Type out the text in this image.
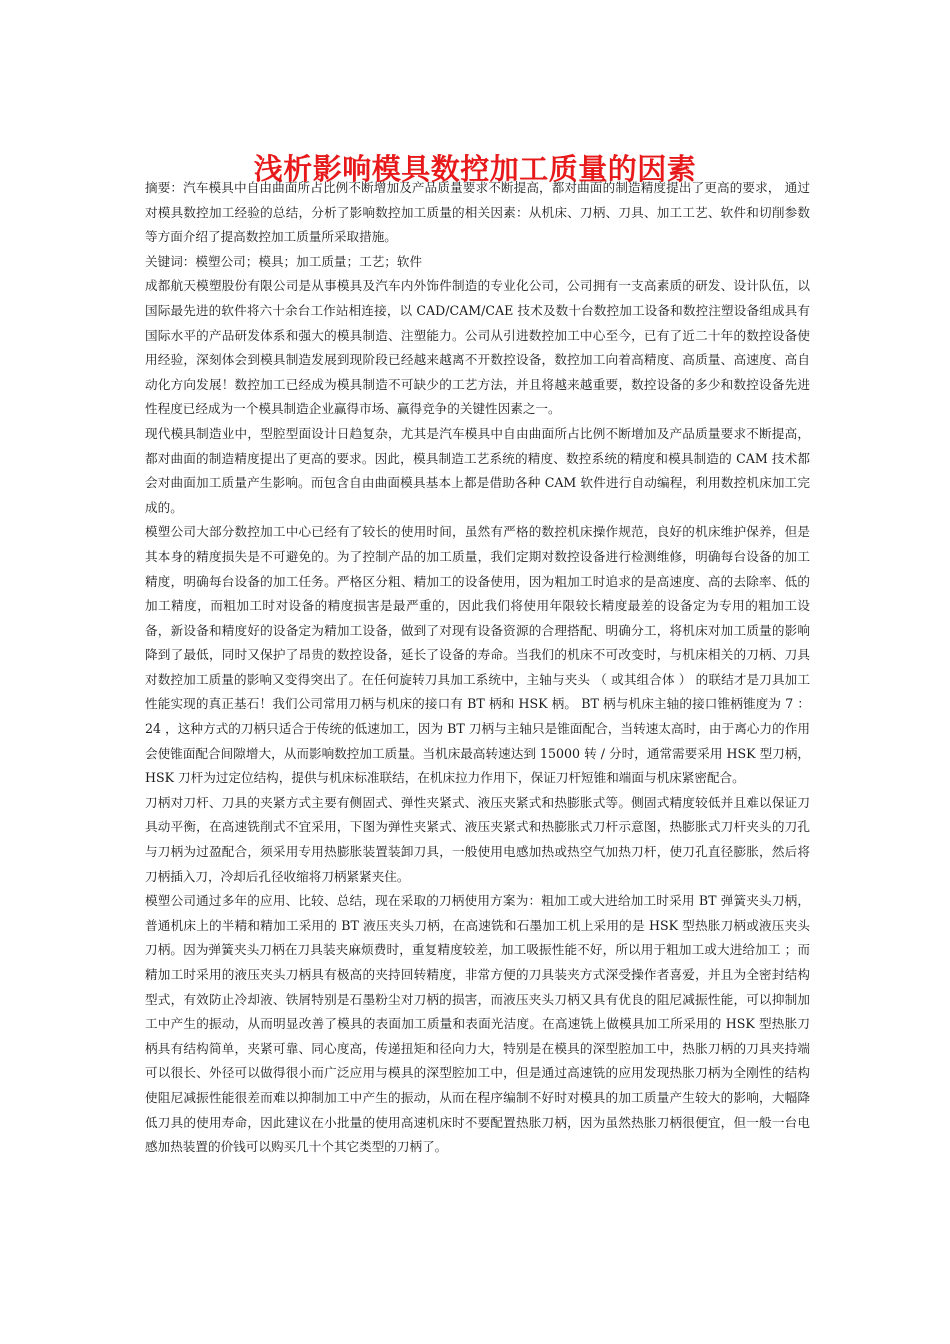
浅析影响模具数控加工质量的因素

摘要：汽车模具中自由曲面所占比例不断增加及产品质量要求不断提高，都对曲面的制造精度提出了更高的要求， 通过对模具数控加工经验的总结，分析了影响数控加工质量的相关因素：从机床、刀柄、刀具、加工工艺、软件和切削参数等方面介绍了提高数控加工质量所采取措施。

关键词：模塑公司；模具；加工质量；工艺；软件

成都航天模塑股份有限公司是从事模具及汽车内外饰件制造的专业化公司，公司拥有一支高素质的研发、设计队伍，以国际最先进的软件将六十余台工作站相连接，以 CAD/CAM/CAE 技术及数十台数控加工设备和数控注塑设备组成具有国际水平的产品研发体系和强大的模具制造、注塑能力。公司从引进数控加工中心至今，已有了近二十年的数控设备使用经验，深刻体会到模具制造发展到现阶段已经越来越离不开数控设备，数控加工向着高精度、高质量、高速度、高自动化方向发展！数控加工已经成为模具制造不可缺少的工艺方法，并且将越来越重要，数控设备的多少和数控设备先进性程度已经成为一个模具制造企业赢得市场、赢得竞争的关键性因素之一。

现代模具制造业中，型腔型面设计日趋复杂，尤其是汽车模具中自由曲面所占比例不断增加及产品质量要求不断提高，都对曲面的制造精度提出了更高的要求。因此，模具制造工艺系统的精度、数控系统的精度和模具制造的 CAM 技术都会对曲面加工质量产生影响。而包含自由曲面模具基本上都是借助各种 CAM 软件进行自动编程，利用数控机床加工完成的。

模塑公司大部分数控加工中心已经有了较长的使用时间，虽然有严格的数控机床操作规范，良好的机床维护保养，但是其本身的精度损失是不可避免的。为了控制产品的加工质量，我们定期对数控设备进行检测维修，明确每台设备的加工精度，明确每台设备的加工任务。严格区分粗、精加工的设备使用，因为粗加工时追求的是高速度、高的去除率、低的加工精度，而粗加工时对设备的精度损害是最严重的，因此我们将使用年限较长精度最差的设备定为专用的粗加工设备，新设备和精度好的设备定为精加工设备，做到了对现有设备资源的合理搭配、明确分工，将机床对加工质量的影响降到了最低，同时又保护了昂贵的数控设备，延长了设备的寿命。当我们的机床不可改变时，与机床相关的刀柄、刀具对数控加工质量的影响又变得突出了。在任何旋转刀具加工系统中，主轴与夹头 （ 或其组合体 ） 的联结才是刀具加工性能实现的真正基石！我们公司常用刀柄与机床的接口有 BT 柄和 HSK 柄。 BT 柄与机床主轴的接口锥柄锥度为 7 ： 24 ，这种方式的刀柄只适合于传统的低速加工，因为 BT 刀柄与主轴只是锥面配合，当转速太高时，由于离心力的作用会使锥面配合间隙增大，从而影响数控加工质量。当机床最高转速达到 15000 转 / 分时，通常需要采用 HSK 型刀柄，HSK 刀杆为过定位结构，提供与机床标准联结，在机床拉力作用下，保证刀杆短锥和端面与机床紧密配合。

刀柄对刀杆、刀具的夹紧方式主要有侧固式、弹性夹紧式、液压夹紧式和热膨胀式等。侧固式精度较低并且难以保证刀具动平衡，在高速铣削式不宜采用，下图为弹性夹紧式、液压夹紧式和热膨胀式刀杆示意图，热膨胀式刀杆夹头的刀孔与刀柄为过盈配合，须采用专用热膨胀装置装卸刀具，一般使用电感加热或热空气加热刀杆，使刀孔直径膨胀，然后将刀柄插入刀，冷却后孔径收缩将刀柄紧紧夹住。

模塑公司通过多年的应用、比较、总结，现在采取的刀柄使用方案为：粗加工或大进给加工时采用 BT 弹簧夹头刀柄，普通机床上的半精和精加工采用的 BT 液压夹头刀柄，在高速铣和石墨加工机上采用的是 HSK 型热胀刀柄或液压夹头刀柄。因为弹簧夹头刀柄在刀具装夹麻烦费时，重复精度较差，加工吸振性能不好，所以用于粗加工或大进给加工 ；而 精加工时采用的液压夹头刀柄具有极高的夹持回转精度，非常方便的刀具装夹方式深受操作者喜爱，并且为全密封结构型式，有效防止冷却液、铁屑特别是石墨粉尘对刀柄的损害，而液压夹头刀柄又具有优良的阻尼减振性能，可以抑制加工中产生的振动，从而明显改善了模具的表面加工质量和表面光洁度。在高速铣上做模具加工所采用的 HSK 型热胀刀柄具有结构简单，夹紧可靠、同心度高，传递扭矩和径向力大，特别是在模具的深型腔加工中，热胀刀柄的刀具夹持端可以很长、外径可以做得很小而广泛应用与模具的深型腔加工中，但是通过高速铣的应用发现热胀刀柄为全刚性的结构使阻尼减振性能很差而难以抑制加工中产生的振动，从而在程序编制不好时对模具的加工质量产生较大的影响，大幅降低刀具的使用寿命，因此建议在小批量的使用高速机床时不要配置热胀刀柄，因为虽然热胀刀柄很便宜，但一般一台电感加热装置的价钱可以购买几十个其它类型的刀柄了。
